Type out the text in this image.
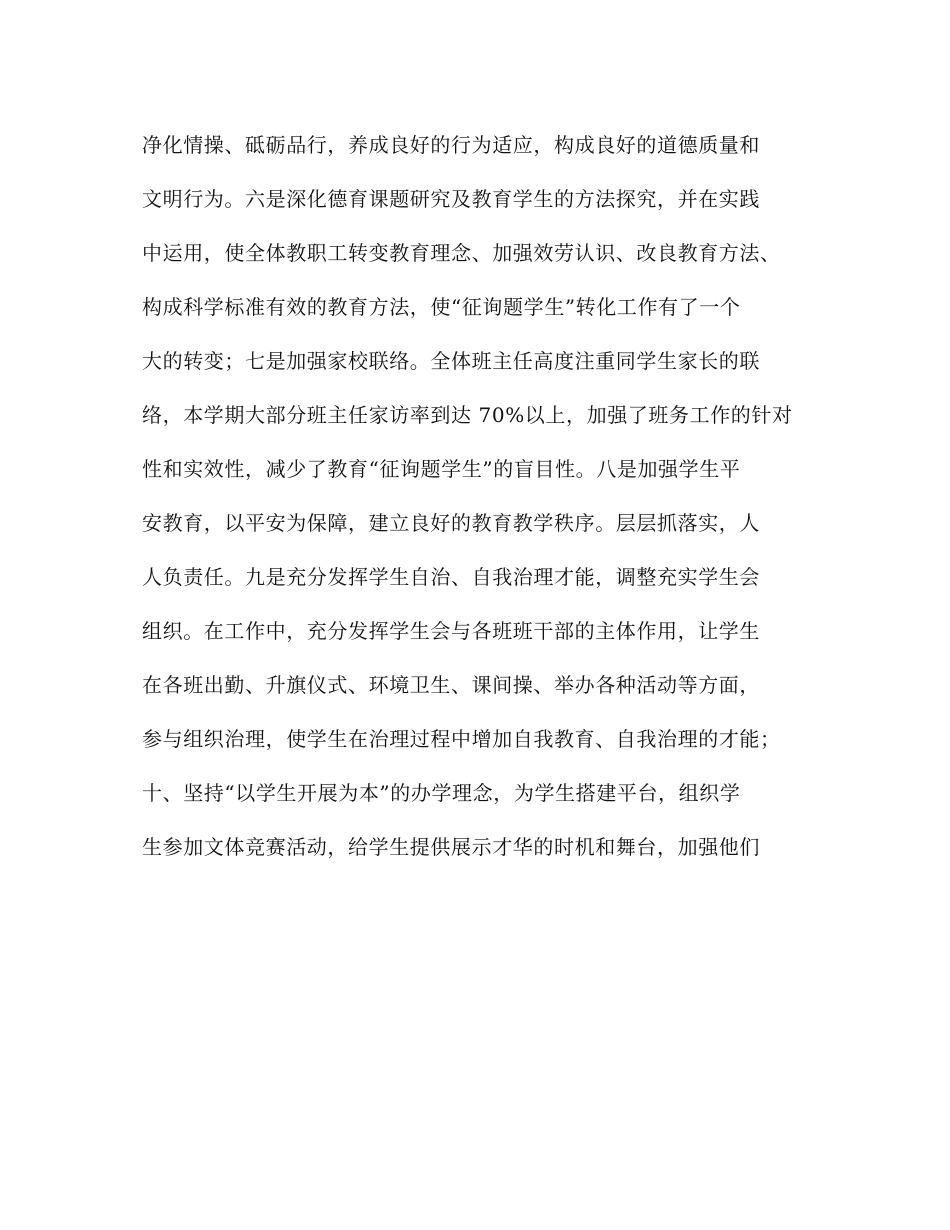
净化情操、砥砺品行，养成良好的行为适应，构成良好的道德质量和
文明行为。六是深化德育课题研究及教育学生的方法探究，并在实践
中运用，使全体教职工转变教育理念、加强效劳认识、改良教育方法、
构成科学标准有效的教育方法，使“征询题学生”转化工作有了一个
大的转变；七是加强家校联络。全体班主任高度注重同学生家长的联
络，本学期大部分班主任家访率到达 70%以上，加强了班务工作的针对
性和实效性，减少了教育“征询题学生”的盲目性。八是加强学生平
安教育，以平安为保障，建立良好的教育教学秩序。层层抓落实，人
人负责任。九是充分发挥学生自治、自我治理才能，调整充实学生会
组织。在工作中，充分发挥学生会与各班班干部的主体作用，让学生
在各班出勤、升旗仪式、环境卫生、课间操、举办各种活动等方面，
参与组织治理，使学生在治理过程中增加自我教育、自我治理的才能；
十、坚持“以学生开展为本”的办学理念，为学生搭建平台，组织学
生参加文体竞赛活动，给学生提供展示才华的时机和舞台，加强他们
